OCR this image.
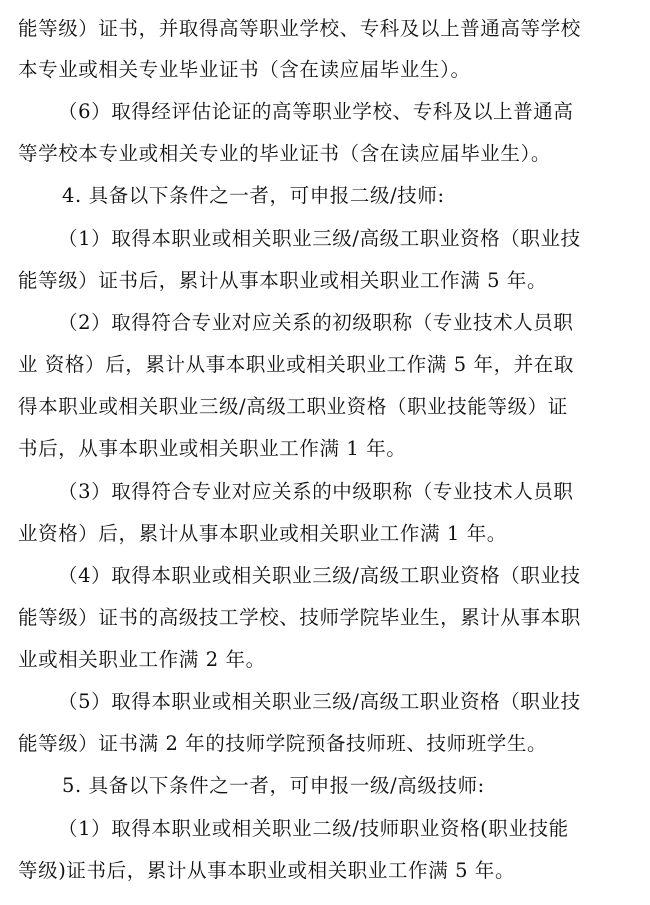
能等级）证书，并取得高等职业学校、专科及以上普通高等学校
本专业或相关专业毕业证书（含在读应届毕业生）。
（6）取得经评估论证的高等职业学校、专科及以上普通高
等学校本专业或相关专业的毕业证书（含在读应届毕业生）。
4. 具备以下条件之一者，可申报二级/技师:
（1）取得本职业或相关职业三级/高级工职业资格（职业技
能等级）证书后，累计从事本职业或相关职业工作满 5 年。
（2）取得符合专业对应关系的初级职称（专业技术人员职
业 资格）后，累计从事本职业或相关职业工作满 5 年，并在取
得本职业或相关职业三级/高级工职业资格（职业技能等级）证
书后，从事本职业或相关职业工作满 1 年。
（3）取得符合专业对应关系的中级职称（专业技术人员职
业资格）后，累计从事本职业或相关职业工作满 1 年。
（4）取得本职业或相关职业三级/高级工职业资格（职业技
能等级）证书的高级技工学校、技师学院毕业生，累计从事本职
业或相关职业工作满 2 年。
（5）取得本职业或相关职业三级/高级工职业资格（职业技
能等级）证书满 2 年的技师学院预备技师班、技师班学生。
5. 具备以下条件之一者，可申报一级/高级技师:
（1）取得本职业或相关职业二级/技师职业资格(职业技能
等级)证书后，累计从事本职业或相关职业工作满 5 年。
